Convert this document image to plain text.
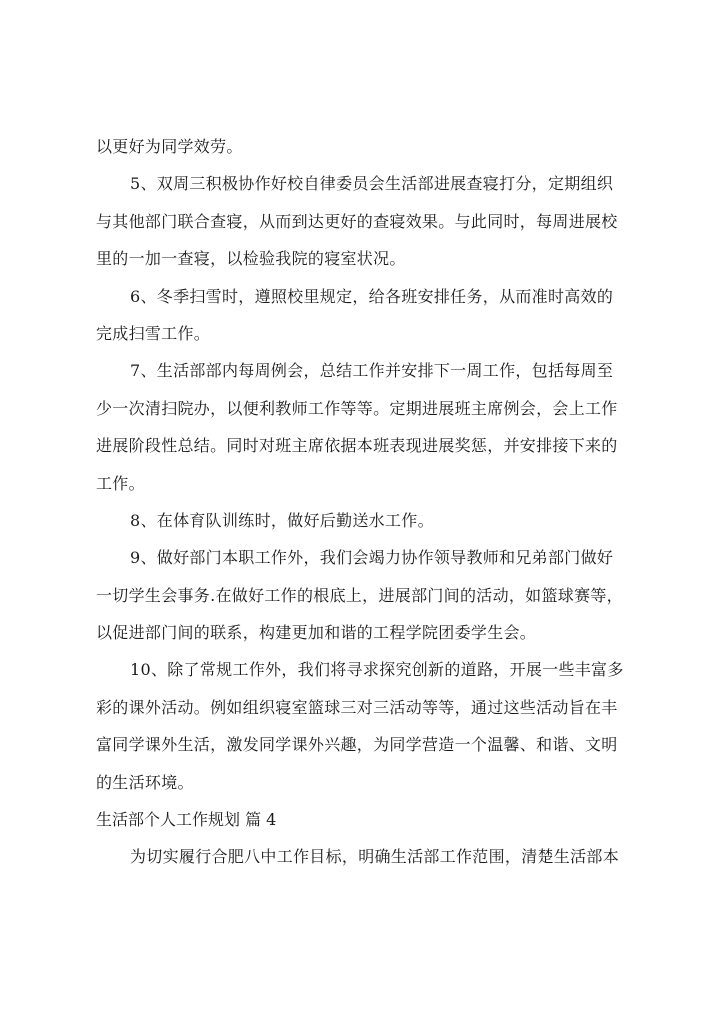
以更好为同学效劳。
5、双周三积极协作好校自律委员会生活部进展查寝打分，定期组织
与其他部门联合查寝，从而到达更好的查寝效果。与此同时，每周进展校
里的一加一查寝，以检验我院的寝室状况。
6、冬季扫雪时，遵照校里规定，给各班安排任务，从而准时高效的
完成扫雪工作。
7、生活部部内每周例会，总结工作并安排下一周工作，包括每周至
少一次清扫院办，以便利教师工作等等。定期进展班主席例会，会上工作
进展阶段性总结。同时对班主席依据本班表现进展奖惩，并安排接下来的
工作。
8、在体育队训练时，做好后勤送水工作。
9、做好部门本职工作外，我们会竭力协作领导教师和兄弟部门做好
一切学生会事务.在做好工作的根底上，进展部门间的活动，如篮球赛等，
以促进部门间的联系，构建更加和谐的工程学院团委学生会。
10、除了常规工作外，我们将寻求探究创新的道路，开展一些丰富多
彩的课外活动。例如组织寝室篮球三对三活动等等，通过这些活动旨在丰
富同学课外生活，激发同学课外兴趣，为同学营造一个温馨、和谐、文明
的生活环境。
生活部个人工作规划 篇 4
为切实履行合肥八中工作目标，明确生活部工作范围，清楚生活部本
